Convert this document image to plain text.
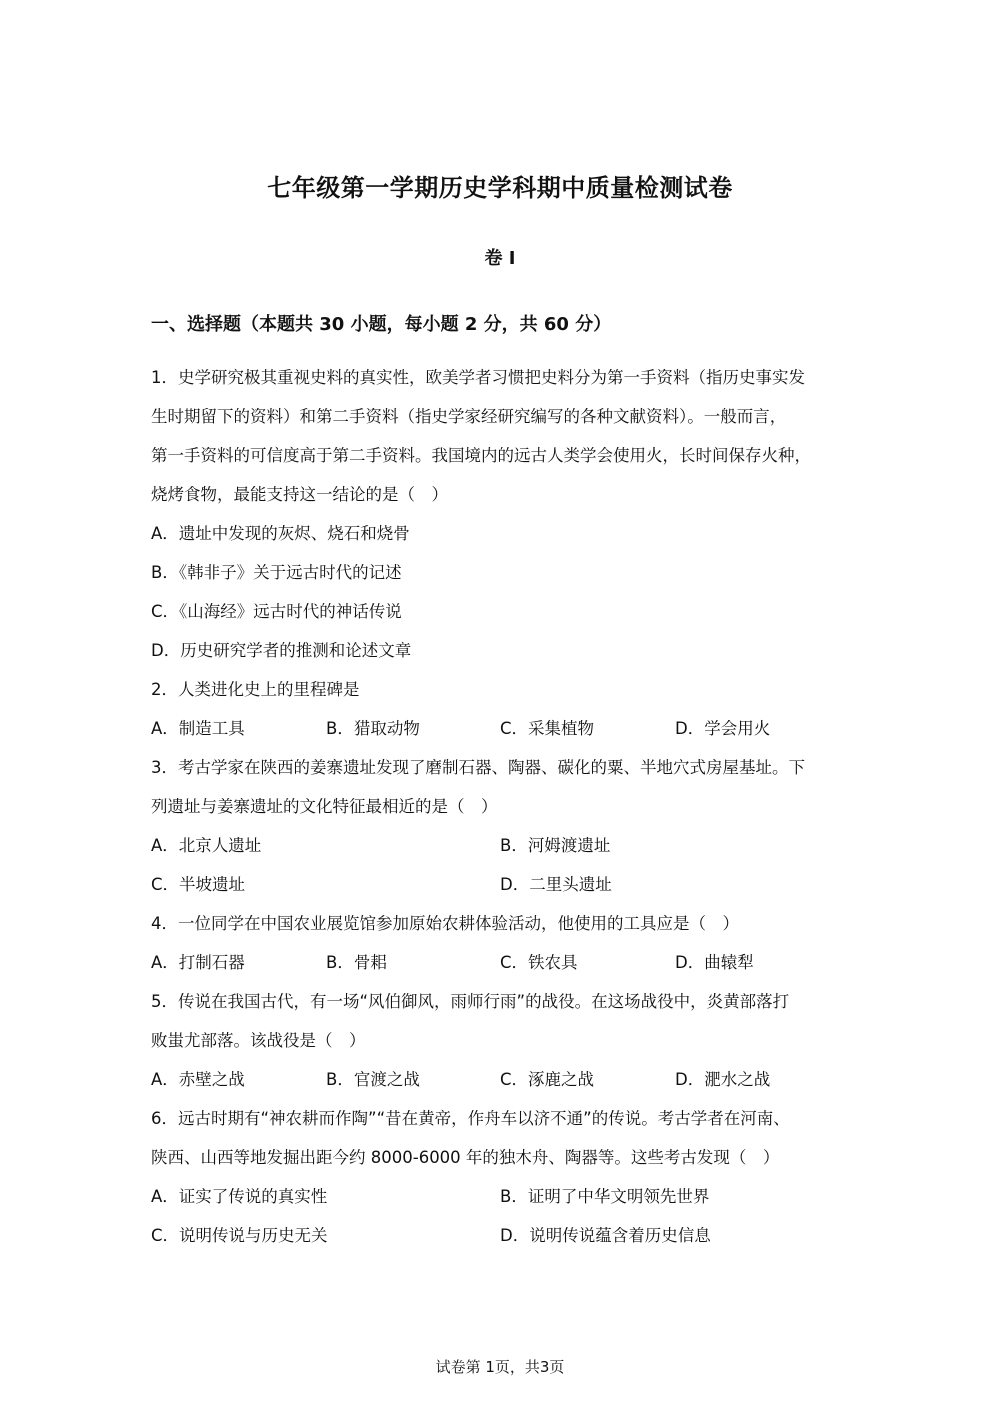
七年级第一学期历史学科期中质量检测试卷
卷 I
一、选择题（本题共 30 小题，每小题 2 分，共 60 分）
1．史学研究极其重视史料的真实性，欧美学者习惯把史料分为第一手资料（指历史事实发
生时期留下的资料）和第二手资料（指史学家经研究编写的各种文献资料）。一般而言，
第一手资料的可信度高于第二手资料。我国境内的远古人类学会使用火，长时间保存火种，
烧烤食物，最能支持这一结论的是（　）
A．遗址中发现的灰烬、烧石和烧骨
B．《韩非子》关于远古时代的记述
C．《山海经》远古时代的神话传说
D．历史研究学者的推测和论述文章
2．人类进化史上的里程碑是
A．制造工具	B．猎取动物	C．采集植物	D．学会用火
3．考古学家在陕西的姜寨遗址发现了磨制石器、陶器、碳化的粟、半地穴式房屋基址。下
列遗址与姜寨遗址的文化特征最相近的是（　）
A．北京人遗址	B．河姆渡遗址
C．半坡遗址	D．二里头遗址
4．一位同学在中国农业展览馆参加原始农耕体验活动，他使用的工具应是（　）
A．打制石器	B．骨耜	C．铁农具	D．曲辕犁
5．传说在我国古代，有一场“风伯御风，雨师行雨”的战役。在这场战役中，炎黄部落打
败蚩尤部落。该战役是（　）
A．赤壁之战	B．官渡之战	C．涿鹿之战	D．淝水之战
6．远古时期有“神农耕而作陶”“昔在黄帝，作舟车以济不通”的传说。考古学者在河南、
陕西、山西等地发掘出距今约 8000-6000 年的独木舟、陶器等。这些考古发现（　）
A．证实了传说的真实性	B．证明了中华文明领先世界
C．说明传说与历史无关	D．说明传说蕴含着历史信息
试卷第 1页，共3页
